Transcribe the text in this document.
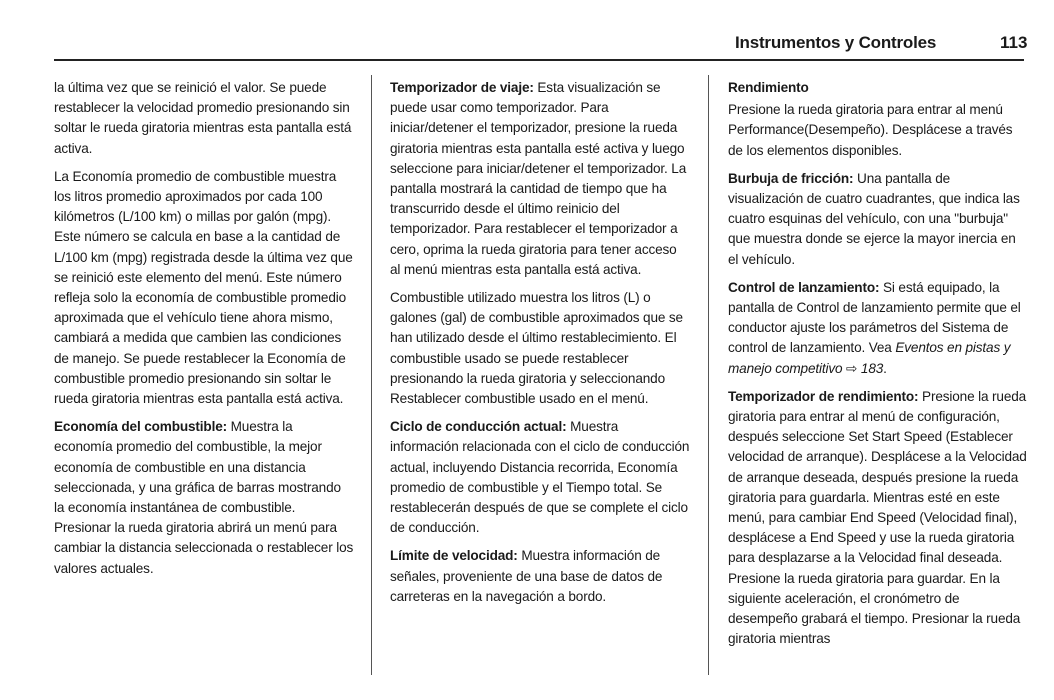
Instrumentos y Controles	113

la última vez que se reinició el valor. Se puede restablecer la velocidad promedio presionando sin soltar le rueda giratoria mientras esta pantalla está activa.

La Economía promedio de combustible muestra los litros promedio aproximados por cada 100 kilómetros (L/100 km) o millas por galón (mpg). Este número se calcula en base a la cantidad de L/100 km (mpg) registrada desde la última vez que se reinició este elemento del menú. Este número refleja solo la economía de combustible promedio aproximada que el vehículo tiene ahora mismo, cambiará a medida que cambien las condiciones de manejo. Se puede restablecer la Economía de combustible promedio presionando sin soltar le rueda giratoria mientras esta pantalla está activa.

Economía del combustible: Muestra la economía promedio del combustible, la mejor economía de combustible en una distancia seleccionada, y una gráfica de barras mostrando la economía instantánea de combustible. Presionar la rueda giratoria abrirá un menú para cambiar la distancia seleccionada o restablecer los valores actuales.

Temporizador de viaje: Esta visualización se puede usar como temporizador. Para iniciar/detener el temporizador, presione la rueda giratoria mientras esta pantalla esté activa y luego seleccione para iniciar/detener el temporizador. La pantalla mostrará la cantidad de tiempo que ha transcurrido desde el último reinicio del temporizador. Para restablecer el temporizador a cero, oprima la rueda giratoria para tener acceso al menú mientras esta pantalla está activa.

Combustible utilizado muestra los litros (L) o galones (gal) de combustible aproximados que se han utilizado desde el último restablecimiento. El combustible usado se puede restablecer presionando la rueda giratoria y seleccionando Restablecer combustible usado en el menú.

Ciclo de conducción actual: Muestra información relacionada con el ciclo de conducción actual, incluyendo Distancia recorrida, Economía promedio de combustible y el Tiempo total. Se restablecerán después de que se complete el ciclo de conducción.

Límite de velocidad: Muestra información de señales, proveniente de una base de datos de carreteras en la navegación a bordo.

Rendimiento

Presione la rueda giratoria para entrar al menú Performance(Desempeño). Desplácese a través de los elementos disponibles.

Burbuja de fricción: Una pantalla de visualización de cuatro cuadrantes, que indica las cuatro esquinas del vehículo, con una "burbuja" que muestra donde se ejerce la mayor inercia en el vehículo.

Control de lanzamiento: Si está equipado, la pantalla de Control de lanzamiento permite que el conductor ajuste los parámetros del Sistema de control de lanzamiento. Vea Eventos en pistas y manejo competitivo ⇨ 183.

Temporizador de rendimiento: Presione la rueda giratoria para entrar al menú de configuración, después seleccione Set Start Speed (Establecer velocidad de arranque). Desplácese a la Velocidad de arranque deseada, después presione la rueda giratoria para guardarla. Mientras esté en este menú, para cambiar End Speed (Velocidad final), desplácese a End Speed y use la rueda giratoria para desplazarse a la Velocidad final deseada. Presione la rueda giratoria para guardar. En la siguiente aceleración, el cronómetro de desempeño grabará el tiempo. Presionar la rueda giratoria mientras
